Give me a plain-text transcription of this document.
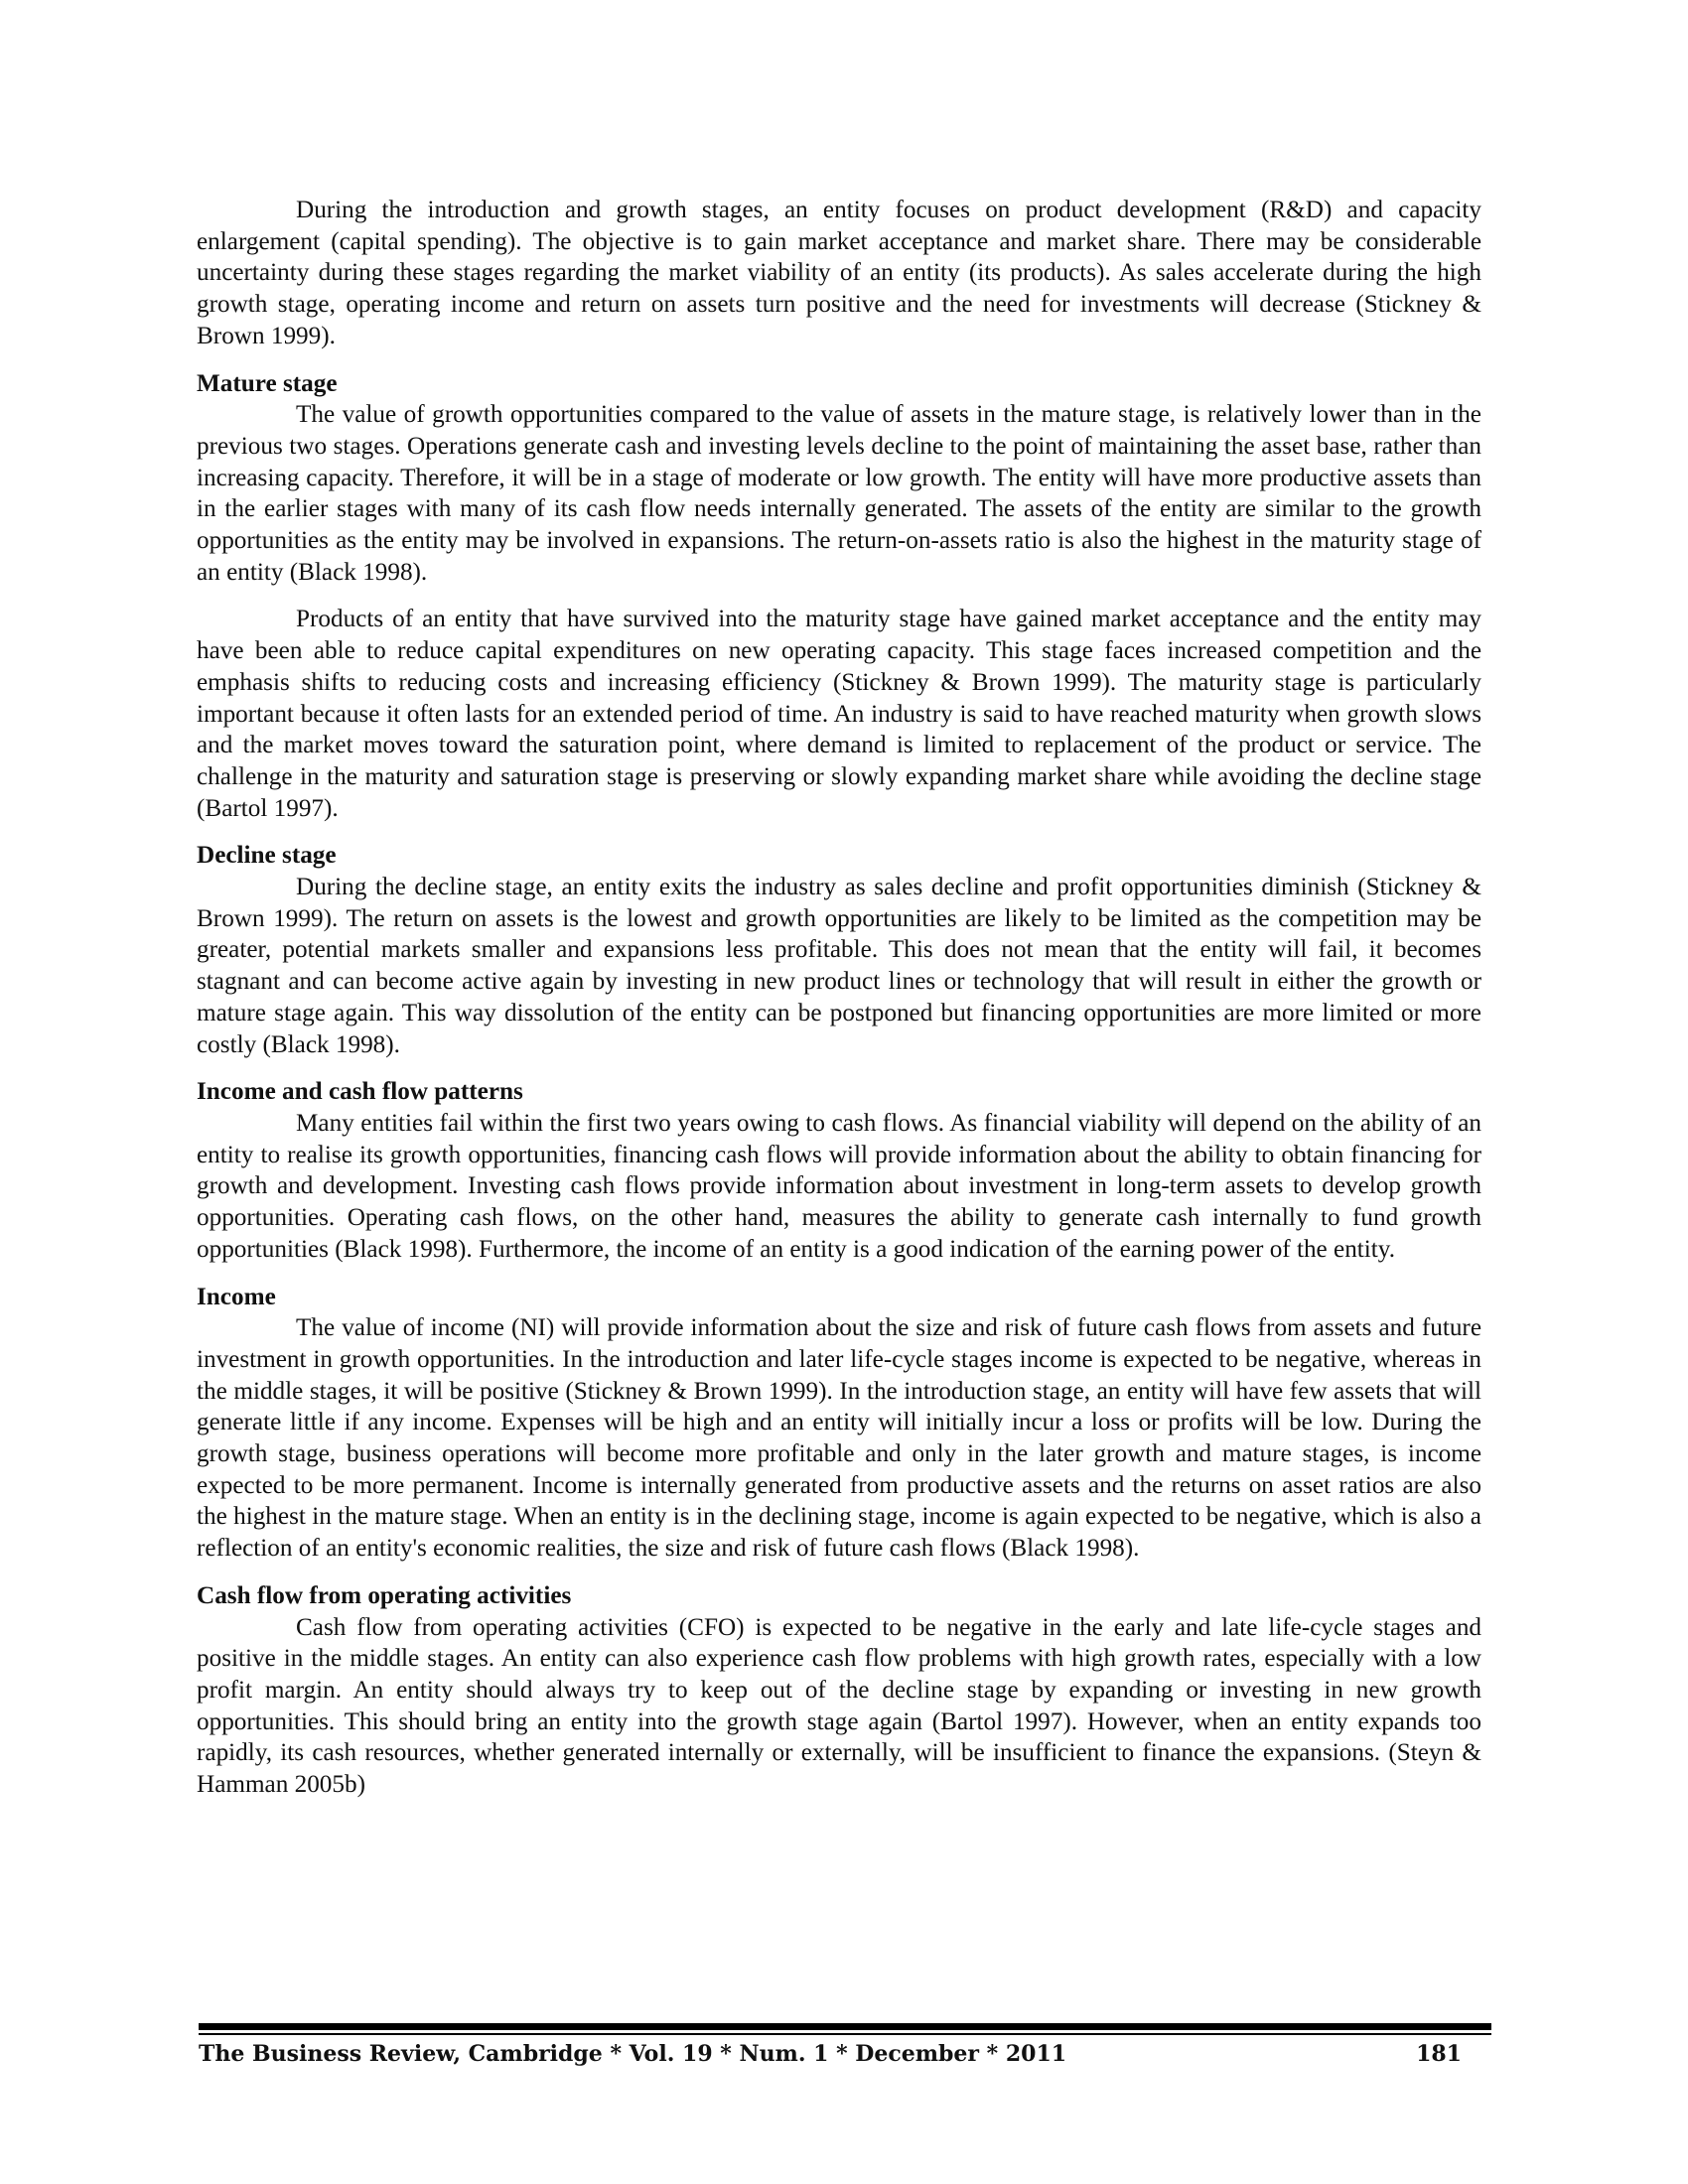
During the introduction and growth stages, an entity focuses on product development (R&D) and capacity enlargement (capital spending). The objective is to gain market acceptance and market share. There may be considerable uncertainty during these stages regarding the market viability of an entity (its products). As sales accelerate during the high growth stage, operating income and return on assets turn positive and the need for investments will decrease (Stickney & Brown 1999).

Mature stage

The value of growth opportunities compared to the value of assets in the mature stage, is relatively lower than in the previous two stages. Operations generate cash and investing levels decline to the point of maintaining the asset base, rather than increasing capacity. Therefore, it will be in a stage of moderate or low growth. The entity will have more productive assets than in the earlier stages with many of its cash flow needs internally generated. The assets of the entity are similar to the growth opportunities as the entity may be involved in expansions. The return-on-assets ratio is also the highest in the maturity stage of an entity (Black 1998).

Products of an entity that have survived into the maturity stage have gained market acceptance and the entity may have been able to reduce capital expenditures on new operating capacity. This stage faces increased competition and the emphasis shifts to reducing costs and increasing efficiency (Stickney & Brown 1999). The maturity stage is particularly important because it often lasts for an extended period of time. An industry is said to have reached maturity when growth slows and the market moves toward the saturation point, where demand is limited to replacement of the product or service. The challenge in the maturity and saturation stage is preserving or slowly expanding market share while avoiding the decline stage (Bartol 1997).

Decline stage

During the decline stage, an entity exits the industry as sales decline and profit opportunities diminish (Stickney & Brown 1999). The return on assets is the lowest and growth opportunities are likely to be limited as the competition may be greater, potential markets smaller and expansions less profitable. This does not mean that the entity will fail, it becomes stagnant and can become active again by investing in new product lines or technology that will result in either the growth or mature stage again. This way dissolution of the entity can be postponed but financing opportunities are more limited or more costly (Black 1998).

Income and cash flow patterns

Many entities fail within the first two years owing to cash flows. As financial viability will depend on the ability of an entity to realise its growth opportunities, financing cash flows will provide information about the ability to obtain financing for growth and development. Investing cash flows provide information about investment in long-term assets to develop growth opportunities. Operating cash flows, on the other hand, measures the ability to generate cash internally to fund growth opportunities (Black 1998). Furthermore, the income of an entity is a good indication of the earning power of the entity.

Income

The value of income (NI) will provide information about the size and risk of future cash flows from assets and future investment in growth opportunities. In the introduction and later life-cycle stages income is expected to be negative, whereas in the middle stages, it will be positive (Stickney & Brown 1999). In the introduction stage, an entity will have few assets that will generate little if any income. Expenses will be high and an entity will initially incur a loss or profits will be low. During the growth stage, business operations will become more profitable and only in the later growth and mature stages, is income expected to be more permanent. Income is internally generated from productive assets and the returns on asset ratios are also the highest in the mature stage. When an entity is in the declining stage, income is again expected to be negative, which is also a reflection of an entity's economic realities, the size and risk of future cash flows (Black 1998).

Cash flow from operating activities

Cash flow from operating activities (CFO) is expected to be negative in the early and late life-cycle stages and positive in the middle stages. An entity can also experience cash flow problems with high growth rates, especially with a low profit margin. An entity should always try to keep out of the decline stage by expanding or investing in new growth opportunities. This should bring an entity into the growth stage again (Bartol 1997). However, when an entity expands too rapidly, its cash resources, whether generated internally or externally, will be insufficient to finance the expansions. (Steyn & Hamman 2005b)

The Business Review, Cambridge * Vol. 19 * Num. 1 * December * 2011	181
